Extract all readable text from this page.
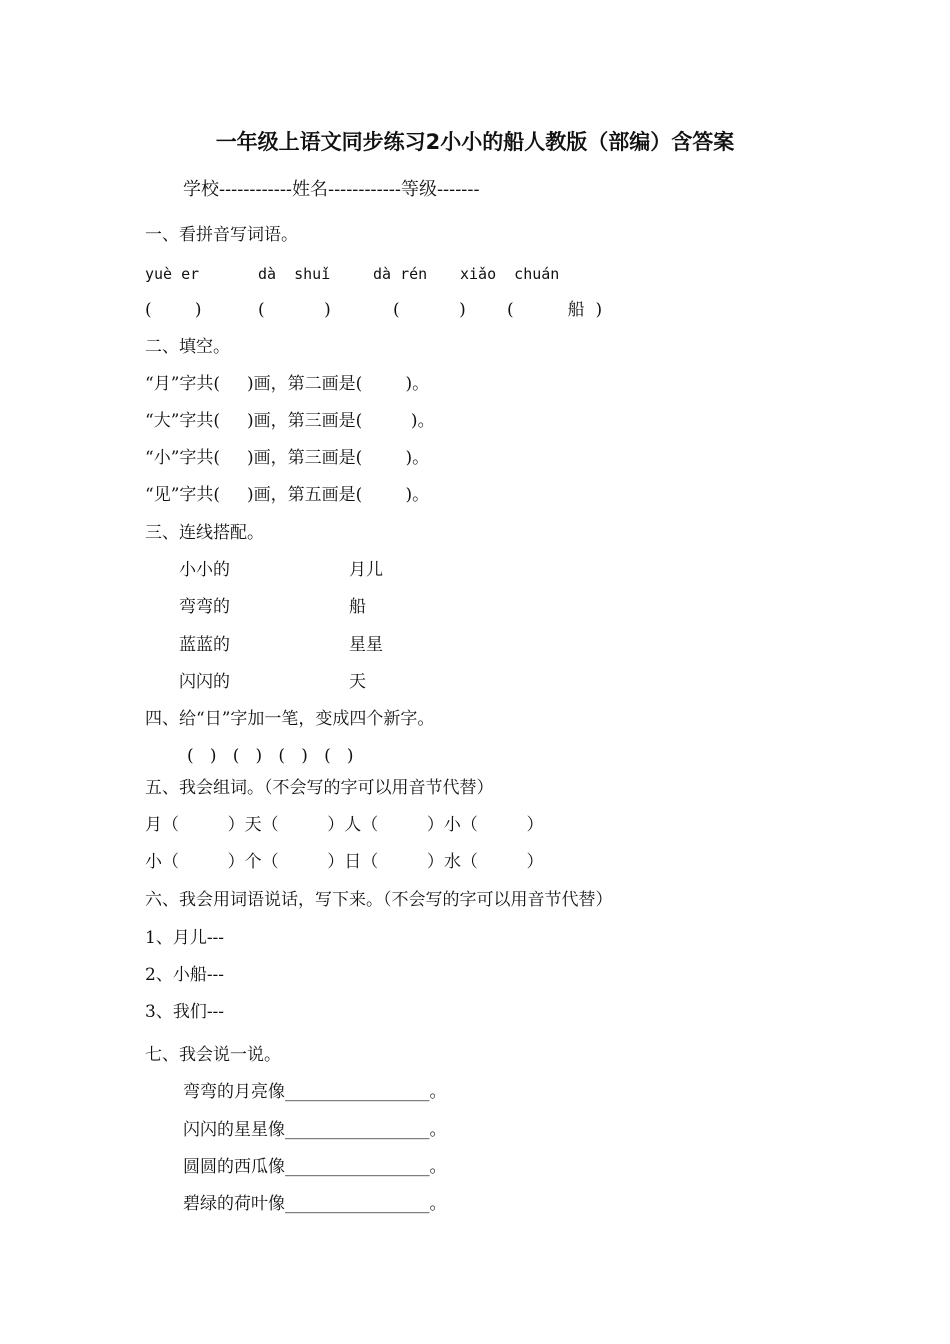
一年级上语文同步练习2小小的船人教版（部编）含答案
学校------------姓名------------等级-------
一、看拼音写词语。
yuè er	dà  shuǐ	dà rén xiǎo  chuán
(        )	(           )	(           ) (          船  )
二、填空。
“月”字共(     )画，第二画是(        )。
“大”字共(     )画，第三画是(         )。
“小”字共(     )画，第三画是(        )。
“见”字共(     )画，第五画是(        )。
三、连线搭配。
小小的	月儿
弯弯的	船
蓝蓝的	星星
闪闪的	天
四、给“日”字加一笔，变成四个新字。
(   )   (   )   (   )   (   )
五、我会组词。（不会写的字可以用音节代替）
月（         ）天（         ）人（         ）小（         ）
小（         ）个（         ）日（         ）水（         ）
六、我会用词语说话，写下来。（不会写的字可以用音节代替）
1、月儿---
2、小船---
3、我们---
七、我会说一说。
弯弯的月亮像_________________。
闪闪的星星像_________________。
圆圆的西瓜像_________________。
碧绿的荷叶像_________________。
